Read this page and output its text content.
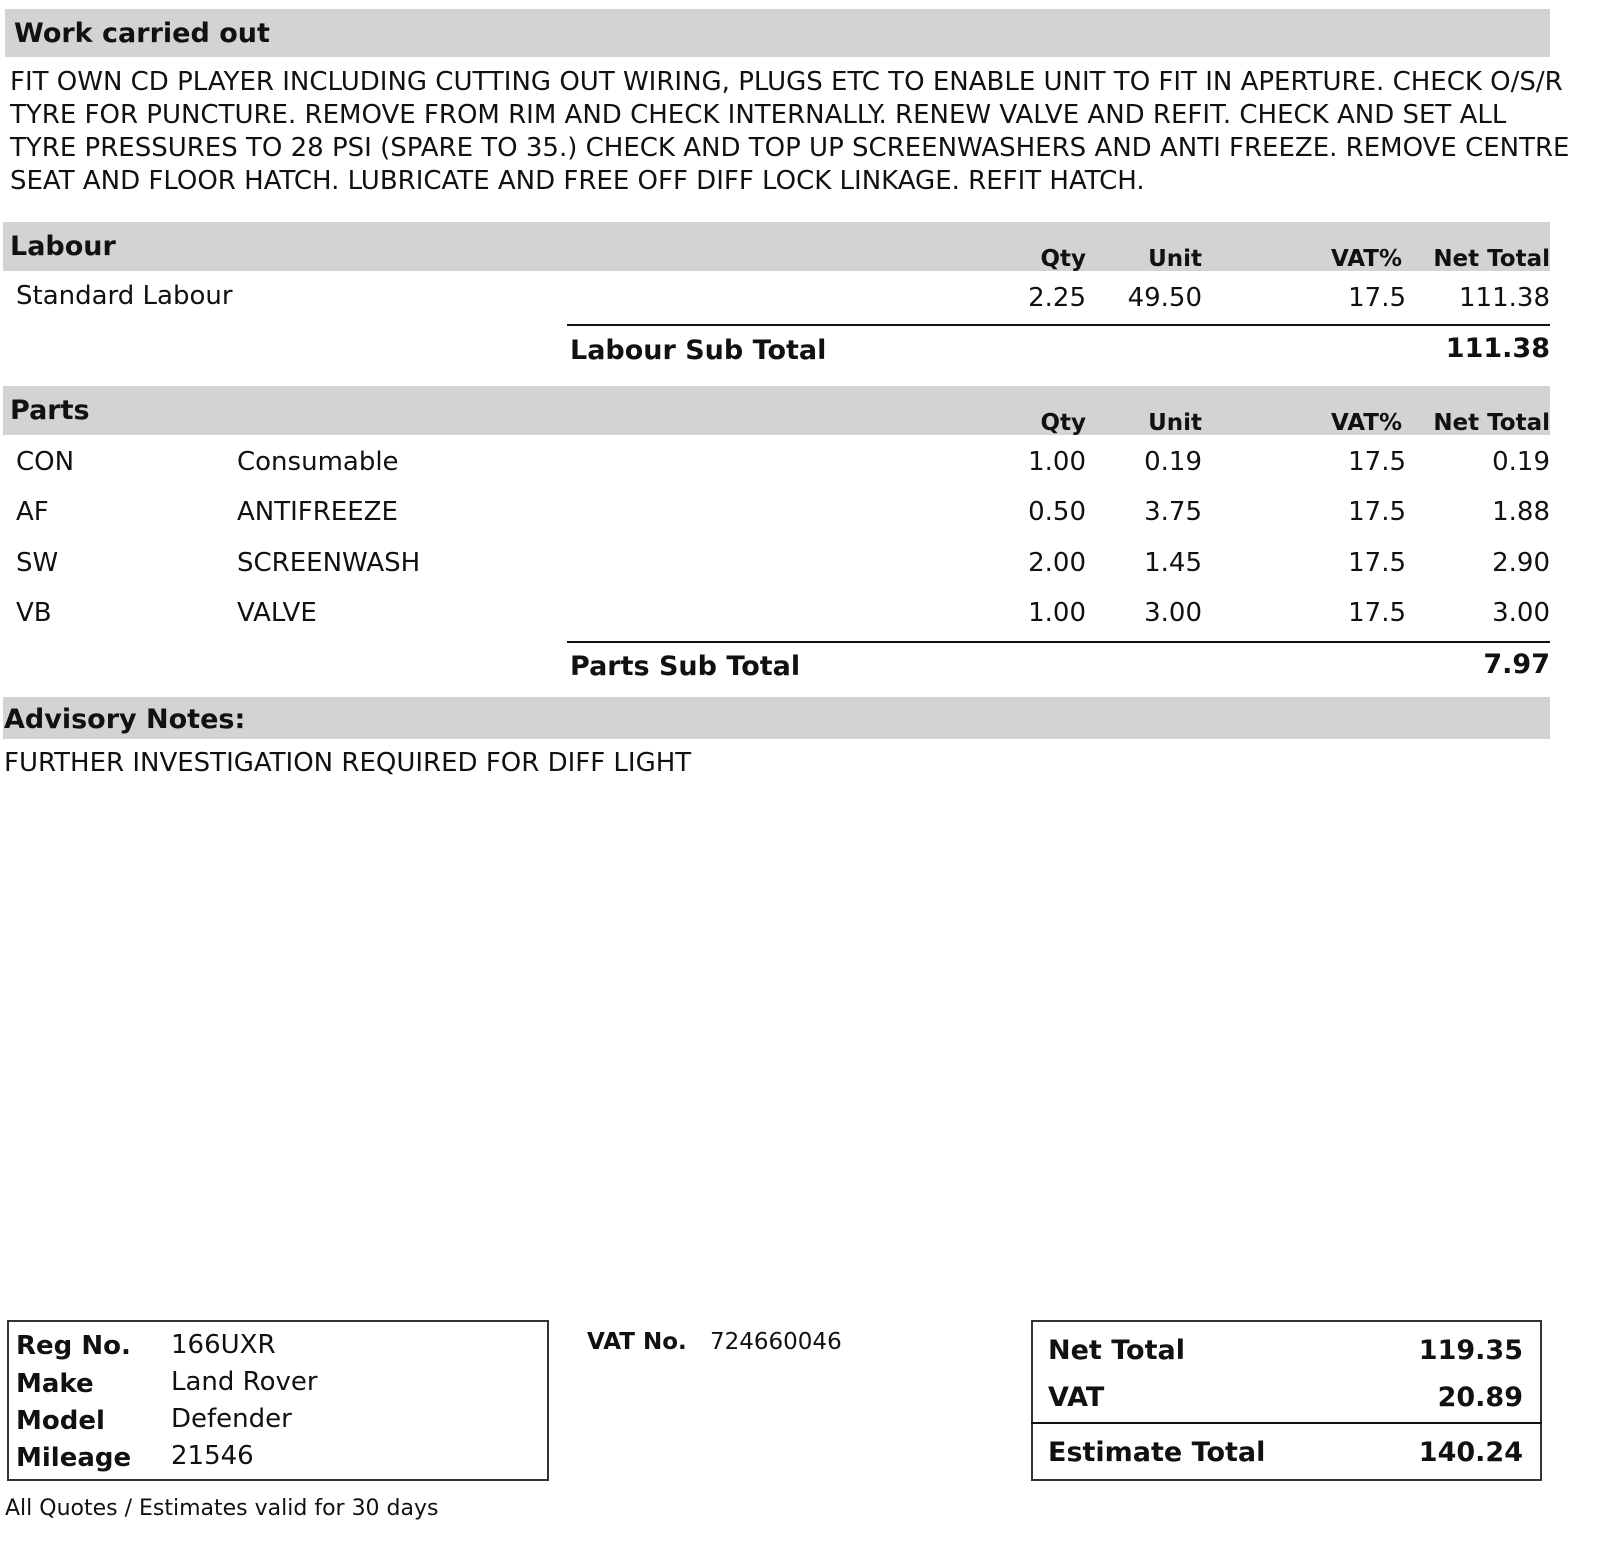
Work carried out
FIT OWN CD PLAYER INCLUDING CUTTING OUT WIRING, PLUGS ETC TO ENABLE UNIT TO FIT IN APERTURE. CHECK O/S/R TYRE FOR PUNCTURE. REMOVE FROM RIM AND CHECK INTERNALLY. RENEW VALVE AND REFIT. CHECK AND SET ALL TYRE PRESSURES TO 28 PSI (SPARE TO 35.) CHECK AND TOP UP SCREENWASHERS AND ANTI FREEZE. REMOVE CENTRE SEAT AND FLOOR HATCH. LUBRICATE AND FREE OFF DIFF LOCK LINKAGE. REFIT HATCH.
Labour	Qty	Unit	VAT%	Net Total
Standard Labour	2.25	49.50	17.5	111.38
Labour Sub Total	111.38
Parts	Qty	Unit	VAT%	Net Total
CON	Consumable	1.00	0.19	17.5	0.19
AF	ANTIFREEZE	0.50	3.75	17.5	1.88
SW	SCREENWASH	2.00	1.45	17.5	2.90
VB	VALVE	1.00	3.00	17.5	3.00
Parts Sub Total	7.97
Advisory Notes:
FURTHER INVESTIGATION REQUIRED FOR DIFF LIGHT
Reg No. 166UXR
Make	Land Rover
Model	Defender
Mileage 21546
VAT No. 724660046	Net Total	119.35
VAT	20.89
Estimate Total	140.24
All Quotes / Estimates valid for 30 days
